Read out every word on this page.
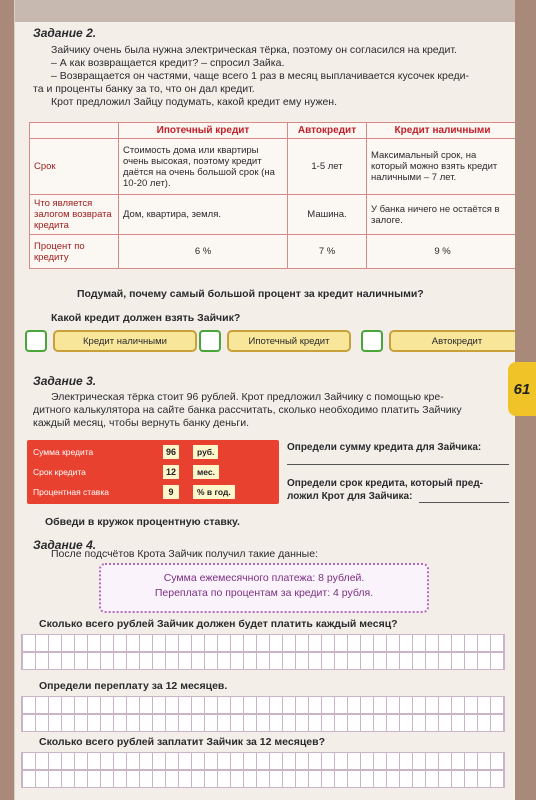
Задание 2.
Зайчику очень была нужна электрическая тёрка, поэтому он согласился на кредит.
– А как возвращается кредит? – спросил Зайка.
– Возвращается он частями, чаще всего 1 раз в месяц выплачивается кусочек креди-
та и проценты банку за то, что он дал кредит.
Крот предложил Зайцу подумать, какой кредит ему нужен.
	Ипотечный кредит	Автокредит	Кредит наличными
Срок	Стоимость дома или квартиры очень высокая, поэтому кредит даётся на очень большой срок (на 10-20 лет).	1-5 лет	Максимальный срок, на который можно взять кредит наличными – 7 лет.
Что является залогом возврата кредита	Дом, квартира, земля.	Машина.	У банка ничего не остаётся в залоге.
Процент по кредиту	6 %	7 %	9 %
Подумай, почему самый большой процент за кредит наличными?
Какой кредит должен взять Зайчик?
Кредит наличными	Ипотечный кредит	Автокредит
Задание 3.
Электрическая тёрка стоит 96 рублей. Крот предложил Зайчику с помощью кре-
дитного калькулятора на сайте банка рассчитать, сколько необходимо платить Зайчику
каждый месяц, чтобы вернуть банку деньги.
Сумма кредита	96	руб.
Срок кредита	12	мес.
Процентная ставка	9	% в год.
Определи сумму кредита для Зайчика:
Определи срок кредита, который пред-
ложил Крот для Зайчика:
Обведи в кружок процентную ставку.
Задание 4.
После подсчётов Крота Зайчик получил такие данные:
Сумма ежемесячного платежа: 8 рублей.
Переплата по процентам за кредит: 4 рубля.
Сколько всего рублей Зайчик должен будет платить каждый месяц?
Определи переплату за 12 месяцев.
Сколько всего рублей заплатит Зайчик за 12 месяцев?
61
